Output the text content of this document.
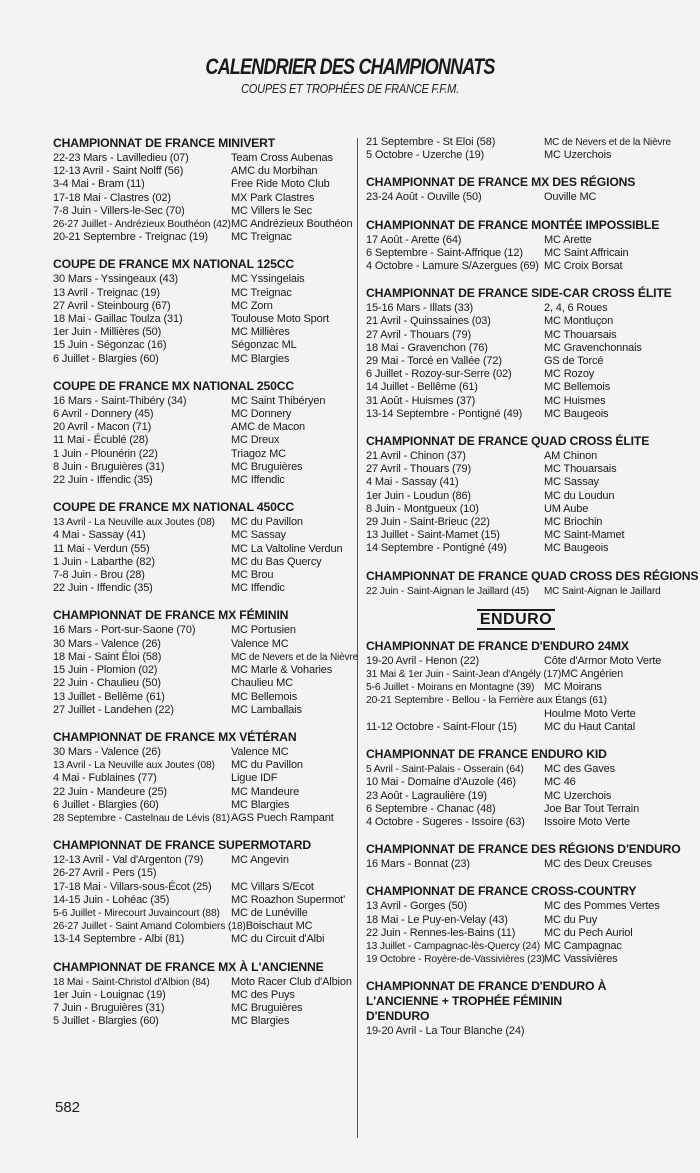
CALENDRIER DES CHAMPIONNATS
COUPES ET TROPHÉES DE FRANCE F.F.M.
CHAMPIONNAT DE FRANCE MINIVERT
22-23 Mars - Lavilledieu (07)	Team Cross Aubenas
12-13 Avril - Saint Nolff (56)	AMC du Morbihan
3-4 Mai - Bram (11)	Free Ride Moto Club
17-18 Mai - Clastres (02)	MX Park Clastres
7-8 Juin - Villers-le-Sec (70)	MC Villers le Sec
26-27 Juillet - Andrézieux Bouthéon (42) MC Andrézieux Bouthéon
20-21 Septembre - Treignac (19)	MC Treignac
COUPE DE FRANCE MX NATIONAL 125CC
30 Mars - Yssingeaux (43)	MC Yssingelais
13 Avril - Treignac (19)	MC Treignac
27 Avril - Steinbourg (67)	MC Zorn
18 Mai - Gaillac Toulza (31)	Toulouse Moto Sport
1er Juin - Millières (50)	MC Millières
15 Juin - Ségonzac (16)	Ségonzac ML
6 Juillet - Blargies (60)	MC Blargies
COUPE DE FRANCE MX NATIONAL 250CC
16 Mars - Saint-Thibéry (34)	MC Saint Thibéryen
6 Avril - Donnery (45)	MC Donnery
20 Avril - Macon (71)	AMC de Macon
11 Mai - Écublé (28)	MC Dreux
1 Juin - Plounérin (22)	Triagoz MC
8 Juin - Bruguières (31)	MC Bruguières
22 Juin - Iffendic (35)	MC Iffendic
COUPE DE FRANCE MX NATIONAL 450CC
13 Avril - La Neuville aux Joutes (08)	MC du Pavillon
4 Mai - Sassay (41)	MC Sassay
11 Mai - Verdun (55)	MC La Valtoline Verdun
1 Juin - Labarthe (82)	MC du Bas Quercy
7-8 Juin - Brou (28)	MC Brou
22 Juin - Iffendic (35)	MC Iffendic
CHAMPIONNAT DE FRANCE MX FÉMININ
16 Mars - Port-sur-Saone (70)	MC Portusien
30 Mars - Valence (26)	Valence MC
18 Mai - Saint Éloi (58)	MC de Nevers et de la Nièvre
15 Juin - Plomion (02)	MC Marle & Voharies
22 Juin - Chaulieu (50)	Chaulieu MC
13 Juillet - Bellême (61)	MC Bellemois
27 Juillet - Landehen (22)	MC Lamballais
CHAMPIONNAT DE FRANCE MX VÉTÉRAN
30 Mars - Valence (26)	Valence MC
13 Avril - La Neuville aux Joutes (08)	MC du Pavillon
4 Mai - Fublaines (77)	Ligue IDF
22 Juin - Mandeure (25)	MC Mandeure
6 Juillet - Blargies (60)	MC Blargies
28 Septembre - Castelnau de Lévis (81) AGS Puech Rampant
CHAMPIONNAT DE FRANCE SUPERMOTARD
12-13 Avril - Val d'Argenton (79)	MC Angevin
26-27 Avril - Pers (15)
17-18 Mai - Villars-sous-Écot (25)	MC Villars S/Ecot
14-15 Juin - Lohéac (35)	MC Roazhon Supermot'
5-6 Juillet - Mirecourt Juvaincourt (88)	MC de Lunéville
26-27 Juillet - Saint Amand Colombiers (18) Boischaut MC
13-14 Septembre - Albi (81)	MC du Circuit d'Albi
CHAMPIONNAT DE FRANCE MX À L'ANCIENNE
18 Mai - Saint-Christol d'Albion (84)	Moto Racer Club d'Albion
1er Juin - Louignac (19)	MC des Puys
7 Juin - Bruguières (31)	MC Bruguières
5 Juillet - Blargies (60)	MC Blargies
21 Septembre - St Eloi (58)	MC de Nevers et de la Nièvre
5 Octobre - Uzerche (19)	MC Uzerchois
CHAMPIONNAT DE FRANCE MX DES RÉGIONS
23-24 Août - Ouville (50)	Ouville MC
CHAMPIONNAT DE FRANCE MONTÉE IMPOSSIBLE
17 Août - Arette (64)	MC Arette
6 Septembre - Saint-Affrique (12)	MC Saint Affricain
4 Octobre - Lamure S/Azergues (69) MC Croix Borsat
CHAMPIONNAT DE FRANCE SIDE-CAR CROSS ÉLITE
15-16 Mars - Illats (33)	2, 4, 6 Roues
21 Avril - Quinssaines (03)	MC Montluçon
27 Avril - Thouars (79)	MC Thouarsais
18 Mai - Gravenchon (76)	MC Gravenchonnais
29 Mai - Torcé en Vallée (72)	GS de Torcé
6 Juillet - Rozoy-sur-Serre (02)	MC Rozoy
14 Juillet - Bellême (61)	MC Bellemois
31 Août - Huismes (37)	MC Huismes
13-14 Septembre - Pontigné (49)	MC Baugeois
CHAMPIONNAT DE FRANCE QUAD CROSS ÉLITE
21 Avril - Chinon (37)	AM Chinon
27 Avril - Thouars (79)	MC Thouarsais
4 Mai - Sassay (41)	MC Sassay
1er Juin - Loudun (86)	MC du Loudun
8 Juin - Montgueux (10)	UM Aube
29 Juin - Saint-Brieuc (22)	MC Briochin
13 Juillet - Saint-Mamet (15)	MC Saint-Mamet
14 Septembre - Pontigné (49)	MC Baugeois
CHAMPIONNAT DE FRANCE QUAD CROSS DES RÉGIONS
22 Juin - Saint-Aignan le Jaillard (45)	MC Saint-Aignan le Jaillard
ENDURO
CHAMPIONNAT DE FRANCE D'ENDURO 24MX
19-20 Avril - Henon (22)	Côte d'Armor Moto Verte
31 Mai & 1er Juin - Saint-Jean d'Angély (17) MC Angérien
5-6 Juillet - Moirans en Montagne (39) MC Moirans
20-21 Septembre - Bellou - la Ferrière aux Étangs (61)
Houlme Moto Verte
11-12 Octobre - Saint-Flour (15)	MC du Haut Cantal
CHAMPIONNAT DE FRANCE ENDURO KID
5 Avril - Saint-Palais - Osserain (64)	MC des Gaves
10 Mai - Domaine d'Auzole (46)	MC 46
23 Août - Lagraulière (19)	MC Uzerchois
6 Septembre - Chanac (48)	Joe Bar Tout Terrain
4 Octobre - Sugeres - Issoire (63)	Issoire Moto Verte
CHAMPIONNAT DE FRANCE DES RÉGIONS D'ENDURO
16 Mars - Bonnat (23)	MC des Deux Creuses
CHAMPIONNAT DE FRANCE CROSS-COUNTRY
13 Avril - Gorges (50)	MC des Pommes Vertes
18 Mai - Le Puy-en-Velay (43)	MC du Puy
22 Juin - Rennes-les-Bains (11)	MC du Pech Auriol
13 Juillet - Campagnac-lès-Quercy (24) MC Campagnac
19 Octobre - Royère-de-Vassivières (23) MC Vassivières
CHAMPIONNAT DE FRANCE D'ENDURO À L'ANCIENNE + TROPHÉE FÉMININ D'ENDURO
19-20 Avril - La Tour Blanche (24)
582
